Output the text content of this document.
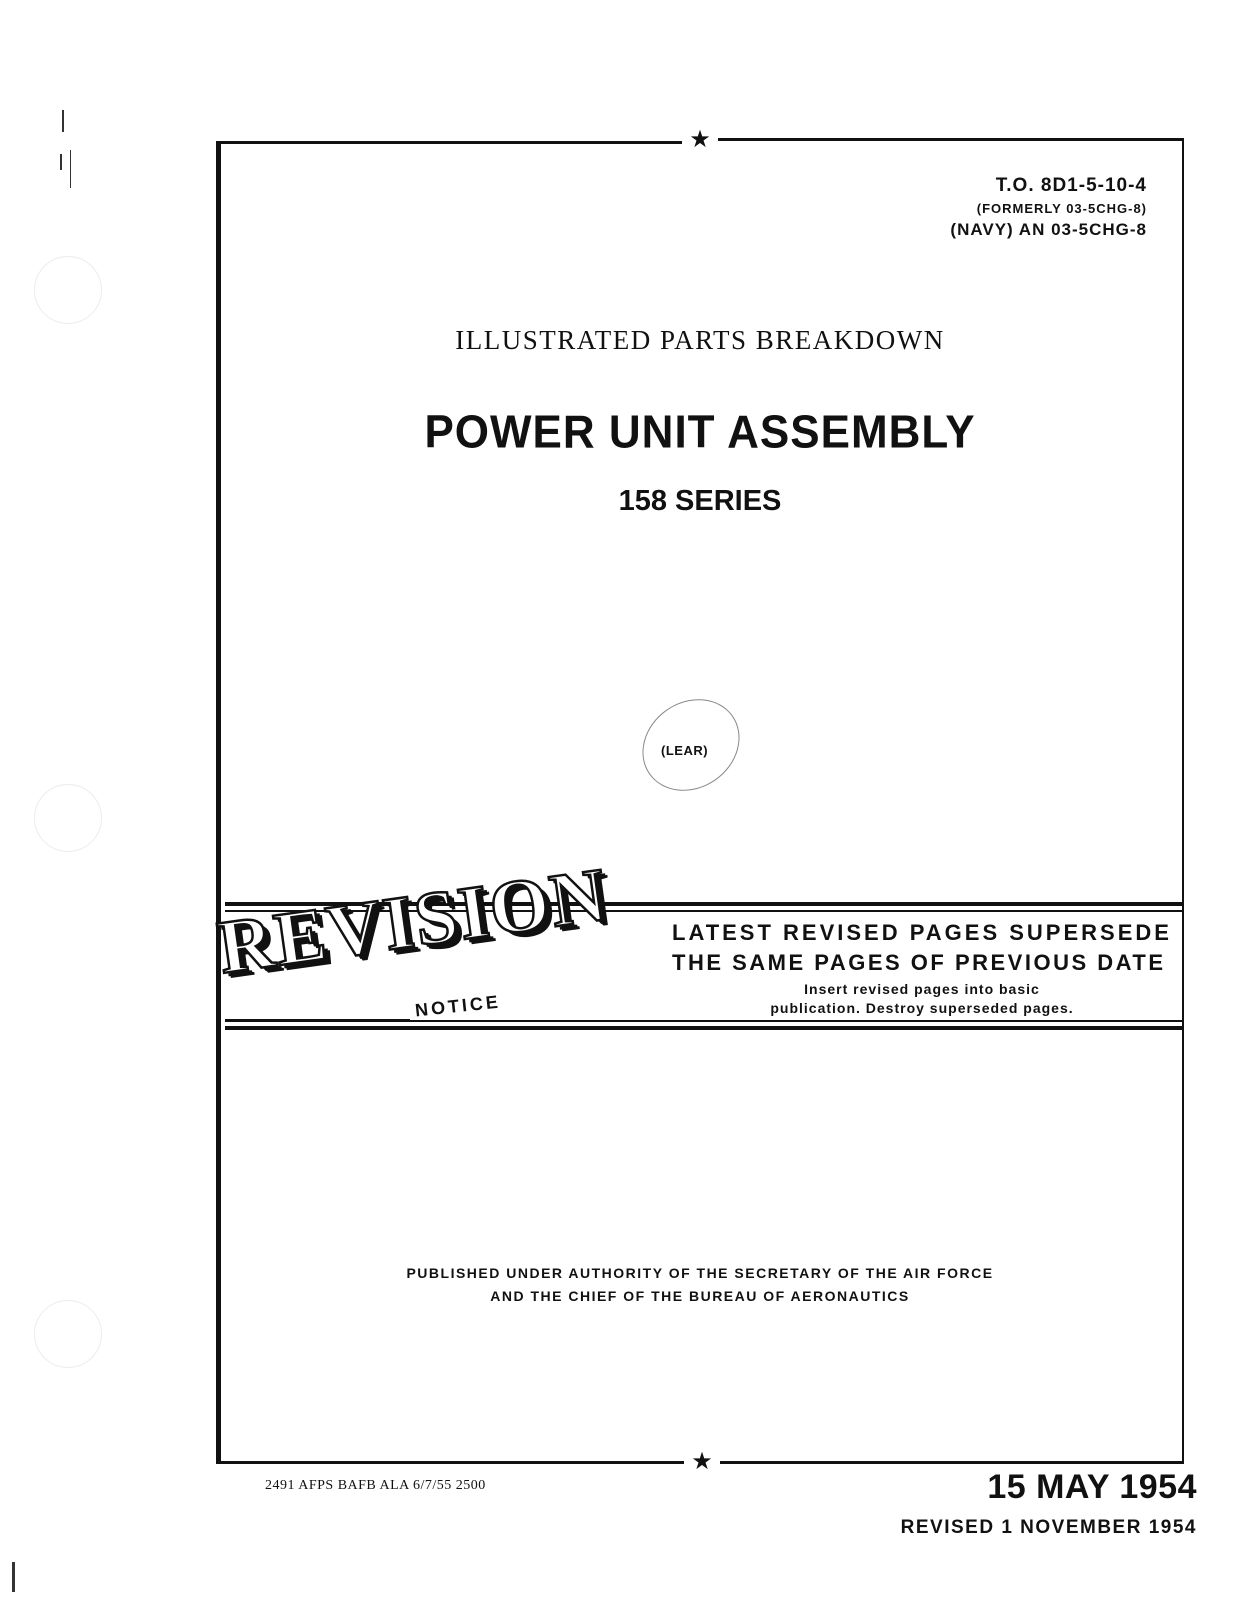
★
★
T.O. 8D1-5-10-4
(FORMERLY 03-5CHG-8)
(NAVY) AN 03-5CHG-8
ILLUSTRATED PARTS BREAKDOWN
POWER UNIT ASSEMBLY
158 SERIES
(LEAR)
REVISION
NOTICE
LATEST REVISED PAGES SUPERSEDE
THE SAME PAGES OF PREVIOUS DATE
Insert revised pages into basic
publication. Destroy superseded pages.
PUBLISHED UNDER AUTHORITY OF THE SECRETARY OF THE AIR FORCE
AND THE CHIEF OF THE BUREAU OF AERONAUTICS
2491 AFPS BAFB ALA 6/7/55 2500	15 MAY 1954
REVISED 1 NOVEMBER 1954
